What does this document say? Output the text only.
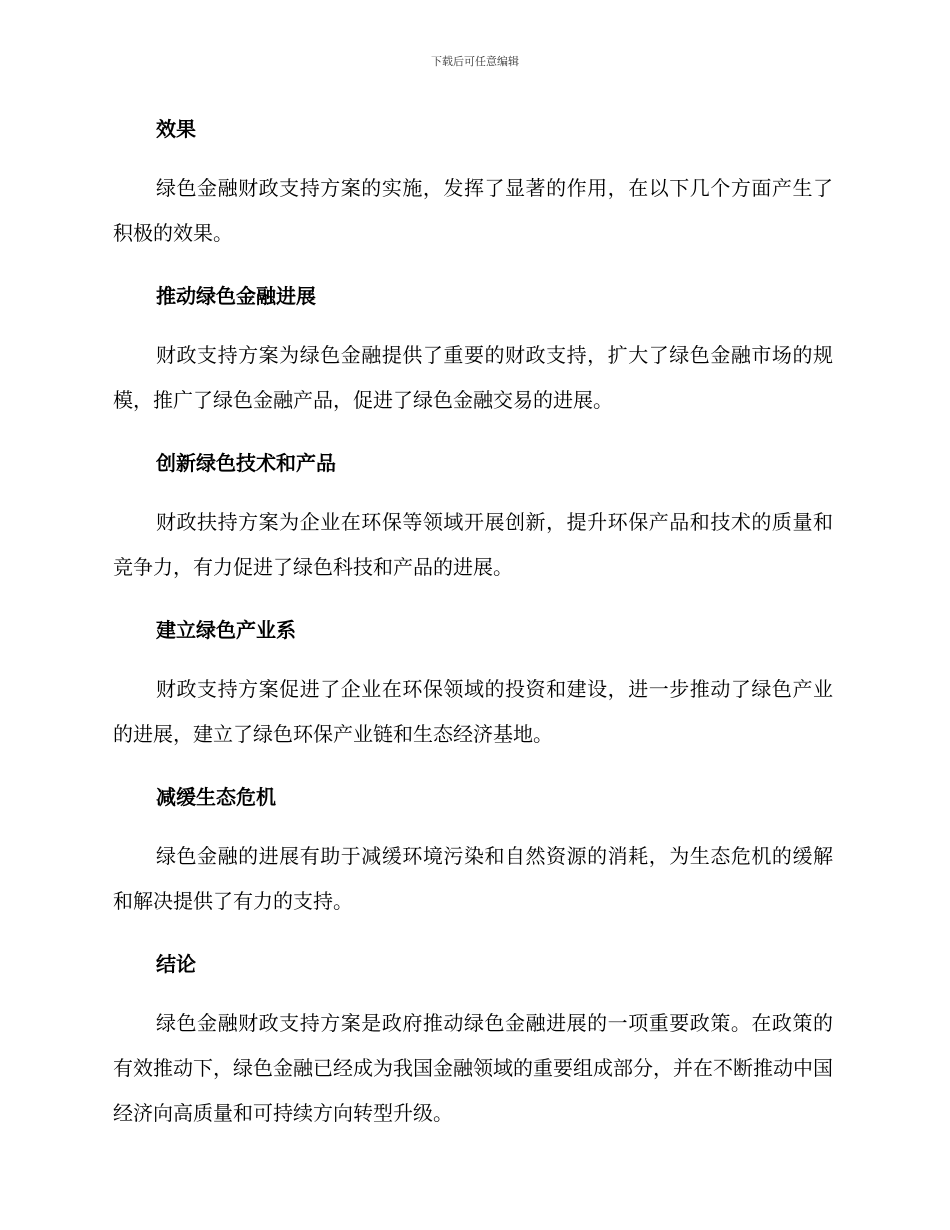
下载后可任意编辑
效果

绿色金融财政支持方案的实施，发挥了显著的作用，在以下几个方面产生了积极的效果。

推动绿色金融进展

财政支持方案为绿色金融提供了重要的财政支持，扩大了绿色金融市场的规模，推广了绿色金融产品，促进了绿色金融交易的进展。

创新绿色技术和产品

财政扶持方案为企业在环保等领域开展创新，提升环保产品和技术的质量和竞争力，有力促进了绿色科技和产品的进展。

建立绿色产业系

财政支持方案促进了企业在环保领域的投资和建设，进一步推动了绿色产业的进展，建立了绿色环保产业链和生态经济基地。

减缓生态危机

绿色金融的进展有助于减缓环境污染和自然资源的消耗，为生态危机的缓解和解决提供了有力的支持。

结论

绿色金融财政支持方案是政府推动绿色金融进展的一项重要政策。在政策的有效推动下，绿色金融已经成为我国金融领域的重要组成部分，并在不断推动中国经济向高质量和可持续方向转型升级。
